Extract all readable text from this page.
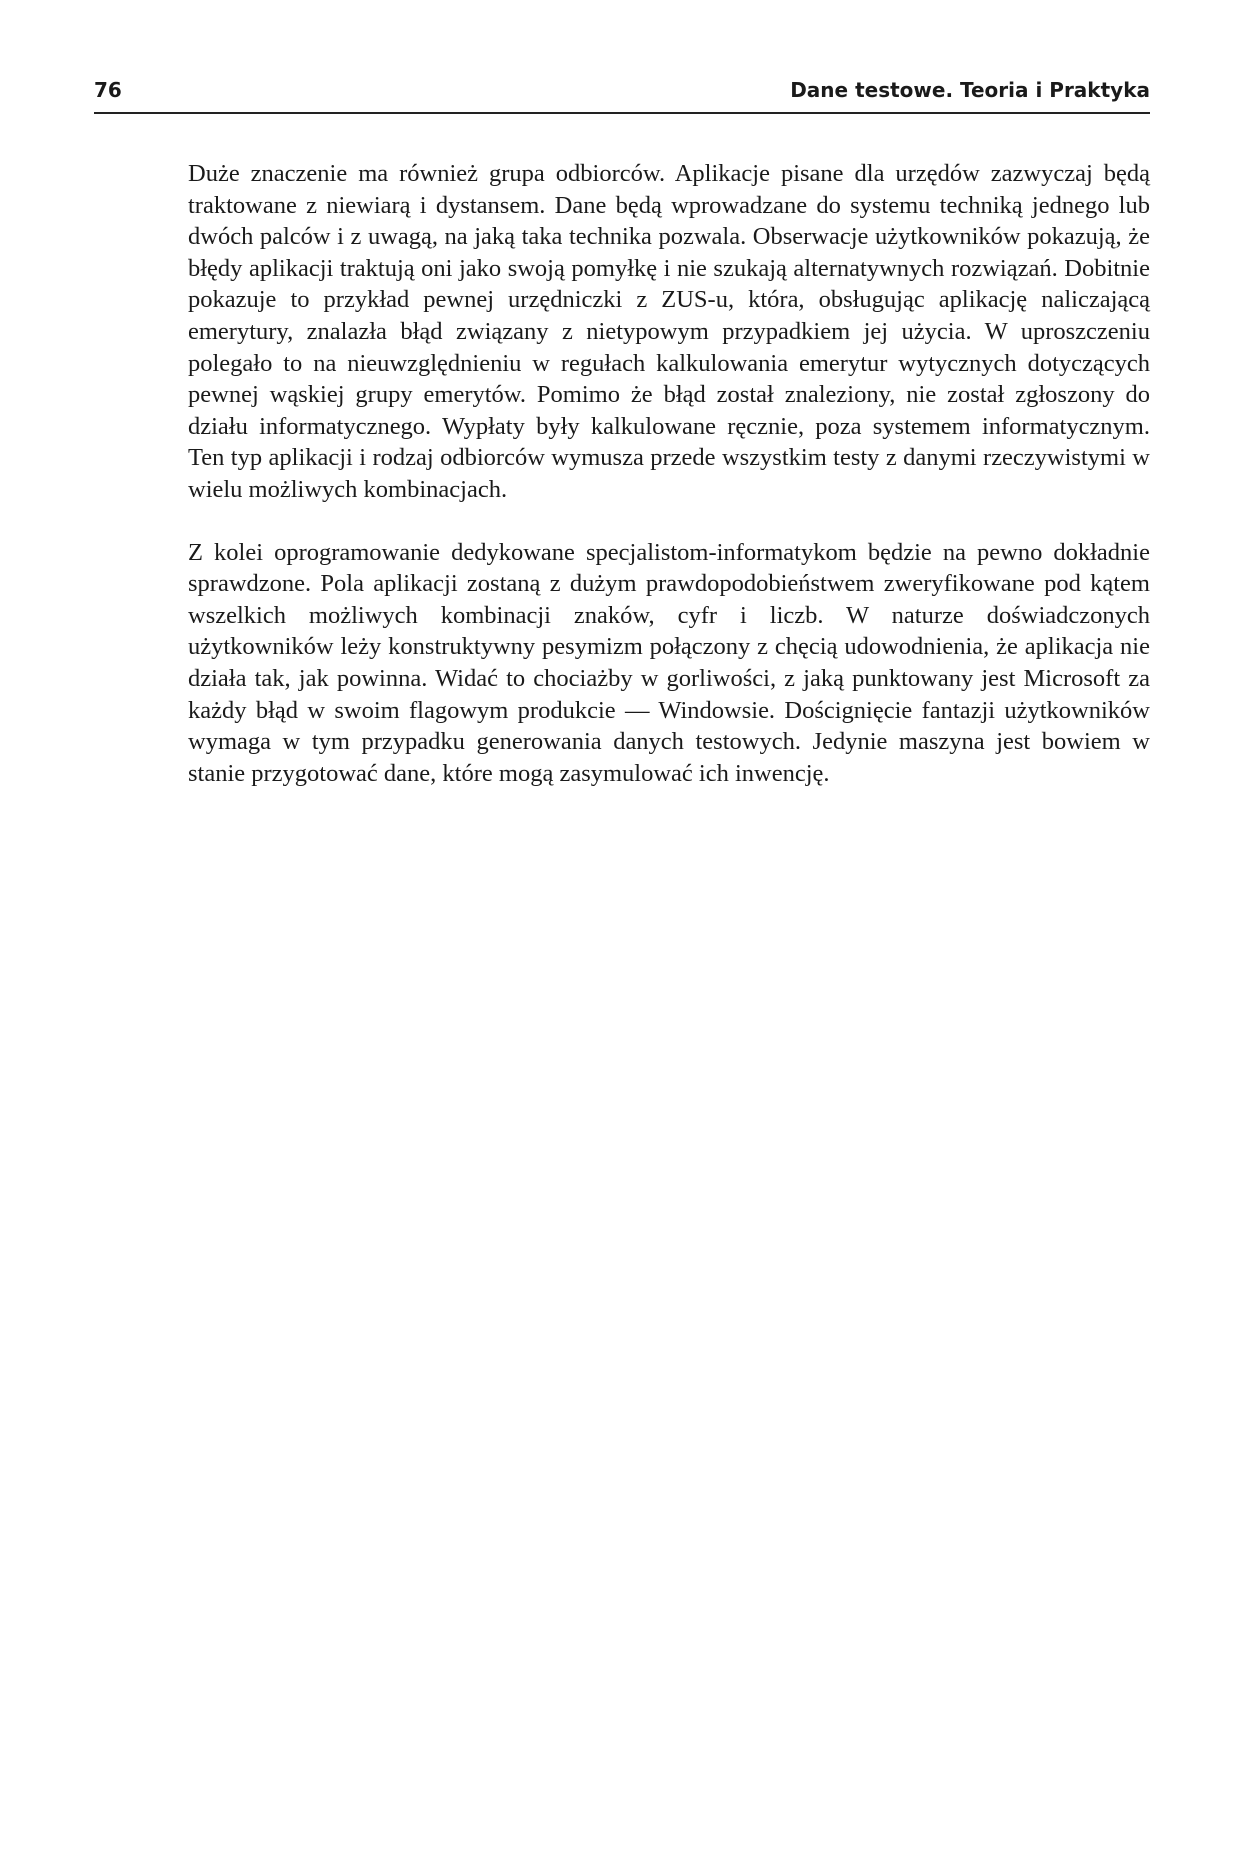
76	Dane testowe. Teoria i Praktyka

Duże znaczenie ma również grupa odbiorców. Aplikacje pisane dla urzędów zazwyczaj będą traktowane z niewiarą i dystansem. Dane będą wprowadzane do systemu techniką jednego lub dwóch palców i z uwagą, na jaką taka technika pozwala. Obserwacje użytkowników pokazują, że błędy aplikacji traktują oni jako swoją pomyłkę i nie szukają alternatywnych rozwiązań. Dobitnie pokazuje to przykład pewnej urzędniczki z ZUS-u, która, obsługując aplikację naliczającą emerytury, znalazła błąd związany z nietypowym przypadkiem jej użycia. W uproszczeniu polegało to na nieuwzględnieniu w regułach kalkulowania emerytur wytycznych dotyczących pewnej wąskiej grupy emerytów. Pomimo że błąd został znaleziony, nie został zgłoszony do działu informatycznego. Wypłaty były kalkulowane ręcznie, poza systemem informatycznym. Ten typ aplikacji i rodzaj odbiorców wymusza przede wszystkim testy z danymi rzeczywistymi w wielu możliwych kombinacjach.

Z kolei oprogramowanie dedykowane specjalistom-informatykom będzie na pewno dokładnie sprawdzone. Pola aplikacji zostaną z dużym prawdopodobieństwem zweryfikowane pod kątem wszelkich możliwych kombinacji znaków, cyfr i liczb. W naturze doświadczonych użytkowników leży konstruktywny pesymizm połączony z chęcią udowodnienia, że aplikacja nie działa tak, jak powinna. Widać to chociażby w gorliwości, z jaką punktowany jest Microsoft za każdy błąd w swoim flagowym produkcie — Windowsie. Doścignięcie fantazji użytkowników wymaga w tym przypadku generowania danych testowych. Jedynie maszyna jest bowiem w stanie przygotować dane, które mogą zasymulować ich inwencję.
